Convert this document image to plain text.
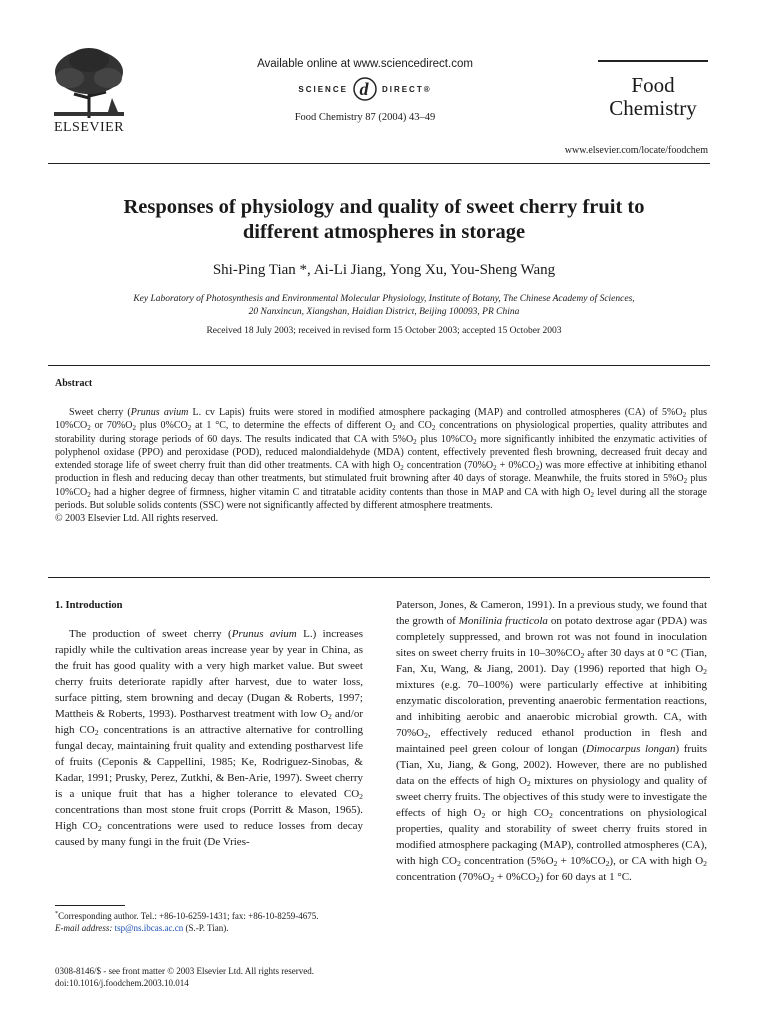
ELSEVIER
Available online at www.sciencedirect.com
SCIENCE d DIRECT®
Food Chemistry 87 (2004) 43–49
Food
Chemistry
www.elsevier.com/locate/foodchem
Responses of physiology and quality of sweet cherry fruit to
different atmospheres in storage
Shi-Ping Tian *, Ai-Li Jiang, Yong Xu, You-Sheng Wang
Key Laboratory of Photosynthesis and Environmental Molecular Physiology, Institute of Botany, The Chinese Academy of Sciences,
20 Nanxincun, Xiangshan, Haidian District, Beijing 100093, PR China
Received 18 July 2003; received in revised form 15 October 2003; accepted 15 October 2003
Abstract

Sweet cherry (Prunus avium L. cv Lapis) fruits were stored in modified atmosphere packaging (MAP) and controlled atmospheres (CA) of $5\%O_2$ plus $10\%CO_2$ or $70\%O_2$ plus $0\%CO_2$ at 1 °C, to determine the effects of different $O_2$ and $CO_2$ concentrations on physiological properties, quality attributes and storability during storage periods of 60 days. The results indicated that CA with $5\%O_2$ plus $10\%CO_2$ more significantly inhibited the enzymatic activities of polyphenol oxidase (PPO) and peroxidase (POD), reduced malondialdehyde (MDA) content, effectively prevented flesh browning, decreased fruit decay and extended storage life of sweet cherry fruit than did other treatments. CA with high $O_2$ concentration $(70\%O_2 + 0\%CO_2)$ was more effective at inhibiting ethanol production in flesh and reducing decay than other treatments, but stimulated fruit browning after 40 days of storage. Meanwhile, the fruits stored in $5\%O_2$ plus $10\%CO_2$ had a higher degree of firmness, higher vitamin C and titratable acidity contents than those in MAP and CA with high $O_2$ level during all the storage periods. But soluble solids contents (SSC) were not significantly affected by different atmosphere treatments.

© 2003 Elsevier Ltd. All rights reserved.

1. Introduction

The production of sweet cherry (Prunus avium L.) increases rapidly while the cultivation areas increase year by year in China, as the fruit has good quality with a very high market value. But sweet cherry fruits deteriorate rapidly after harvest, due to water loss, surface pitting, stem browning and decay (Dugan & Roberts, 1997; Mattheis & Roberts, 1993). Postharvest treatment with low $O_2$ and/or high $CO_2$ concentrations is an attractive alternative for controlling fungal decay, maintaining fruit quality and extending postharvest life of fruits (Ceponis & Cappellini, 1985; Ke, Rodriguez-Sinobas, & Kadar, 1991; Prusky, Perez, Zutkhi, & Ben-Arie, 1997). Sweet cherry is a unique fruit that has a higher tolerance to elevated $CO_2$ concentrations than most stone fruit crops (Porritt & Mason, 1965). High $CO_2$ concentrations were used to reduce losses from decay caused by many fungi in the fruit (De Vries-

Paterson, Jones, & Cameron, 1991). In a previous study, we found that the growth of Monilinia fructicola on potato dextrose agar (PDA) was completely suppressed, and brown rot was not found in inoculation sites on sweet cherry fruits in $10-30\%CO_2$ after 30 days at 0 °C (Tian, Fan, Xu, Wang, & Jiang, 2001). Day (1996) reported that high $O_2$ mixtures (e.g. 70–100%) were particularly effective at inhibiting enzymatic discoloration, preventing anaerobic fermentation reactions, and inhibiting aerobic and anaerobic microbial growth. CA, with $70\%O_2$, effectively reduced ethanol production in flesh and maintained peel green colour of longan (Dimocarpus longan) fruits (Tian, Xu, Jiang, & Gong, 2002). However, there are no published data on the effects of high $O_2$ mixtures on physiology and quality of sweet cherry fruits. The objectives of this study were to investigate the effects of high $O_2$ or high $CO_2$ concentrations on physiological properties, quality and storability of sweet cherry fruits stored in modified atmosphere packaging (MAP), controlled atmospheres (CA), with high $CO_2$ concentration $(5\%O_2 + 10\%CO_2)$, or CA with high $O_2$ concentration $(70\%O_2 + 0\%CO_2)$ for 60 days at 1 °C.

*Corresponding author. Tel.: +86-10-6259-1431; fax: +86-10-8259-4675.
E-mail address: tsp@ns.ibcas.ac.cn (S.-P. Tian).
0308-8146/$ - see front matter © 2003 Elsevier Ltd. All rights reserved.
doi:10.1016/j.foodchem.2003.10.014
